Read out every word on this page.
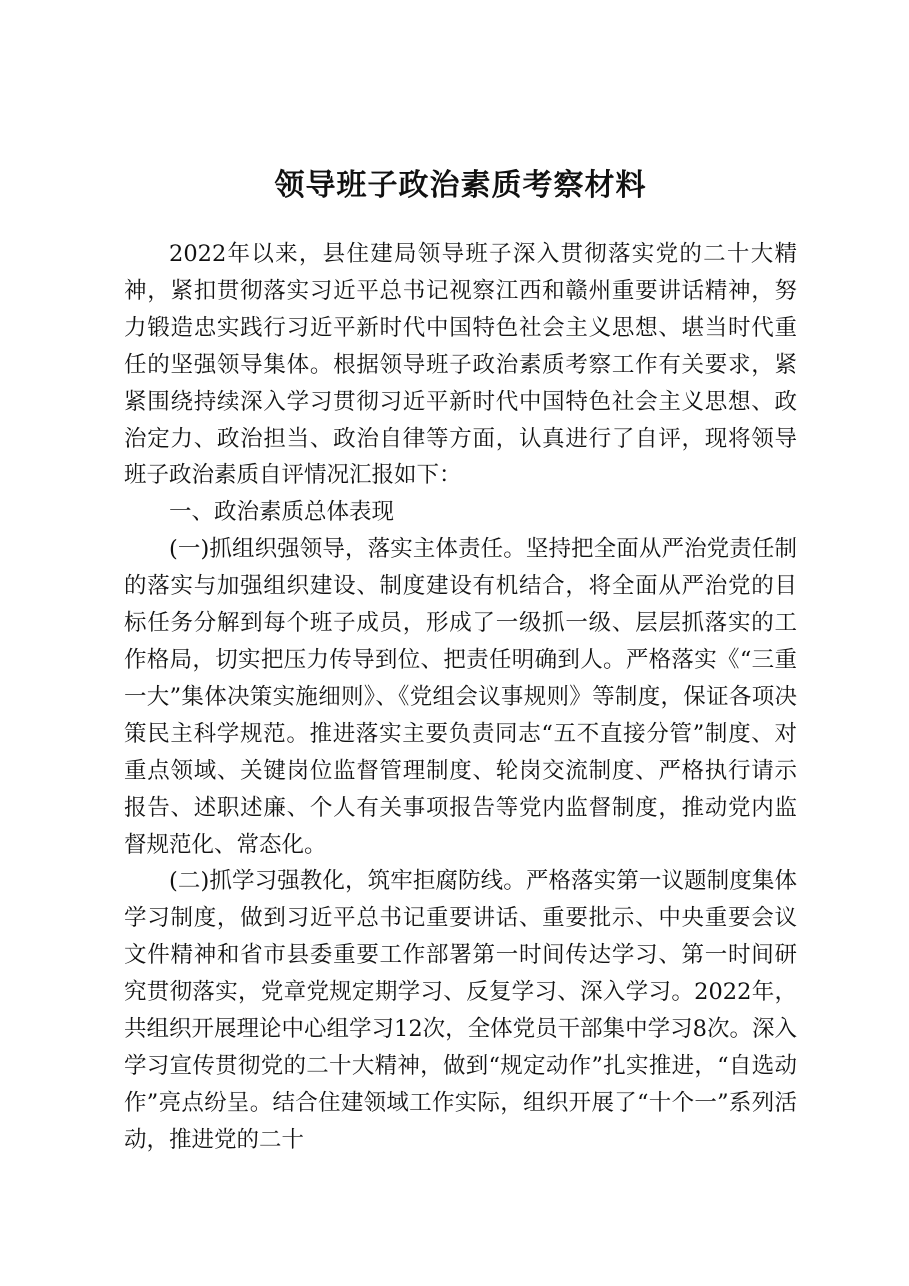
领导班子政治素质考察材料

2022年以来，县住建局领导班子深入贯彻落实党的二十大精神，紧扣贯彻落实习近平总书记视察江西和赣州重要讲话精神，努力锻造忠实践行习近平新时代中国特色社会主义思想、堪当时代重任的坚强领导集体。根据领导班子政治素质考察工作有关要求，紧紧围绕持续深入学习贯彻习近平新时代中国特色社会主义思想、政治定力、政治担当、政治自律等方面，认真进行了自评，现将领导班子政治素质自评情况汇报如下：

一、政治素质总体表现

(一)抓组织强领导，落实主体责任。坚持把全面从严治党责任制的落实与加强组织建设、制度建设有机结合，将全面从严治党的目标任务分解到每个班子成员，形成了一级抓一级、层层抓落实的工作格局，切实把压力传导到位、把责任明确到人。严格落实《“三重一大”集体决策实施细则》、《党组会议事规则》等制度，保证各项决策民主科学规范。推进落实主要负责同志“五不直接分管”制度、对重点领域、关键岗位监督管理制度、轮岗交流制度、严格执行请示报告、述职述廉、个人有关事项报告等党内监督制度，推动党内监督规范化、常态化。

(二)抓学习强教化，筑牢拒腐防线。严格落实第一议题制度集体学习制度，做到习近平总书记重要讲话、重要批示、中央重要会议文件精神和省市县委重要工作部署第一时间传达学习、第一时间研究贯彻落实，党章党规定期学习、反复学习、深入学习。2022年，共组织开展理论中心组学习12次，全体党员干部集中学习8次。深入学习宣传贯彻党的二十大精神，做到“规定动作”扎实推进，“自选动作”亮点纷呈。结合住建领域工作实际，组织开展了“十个一”系列活动，推进党的二十
